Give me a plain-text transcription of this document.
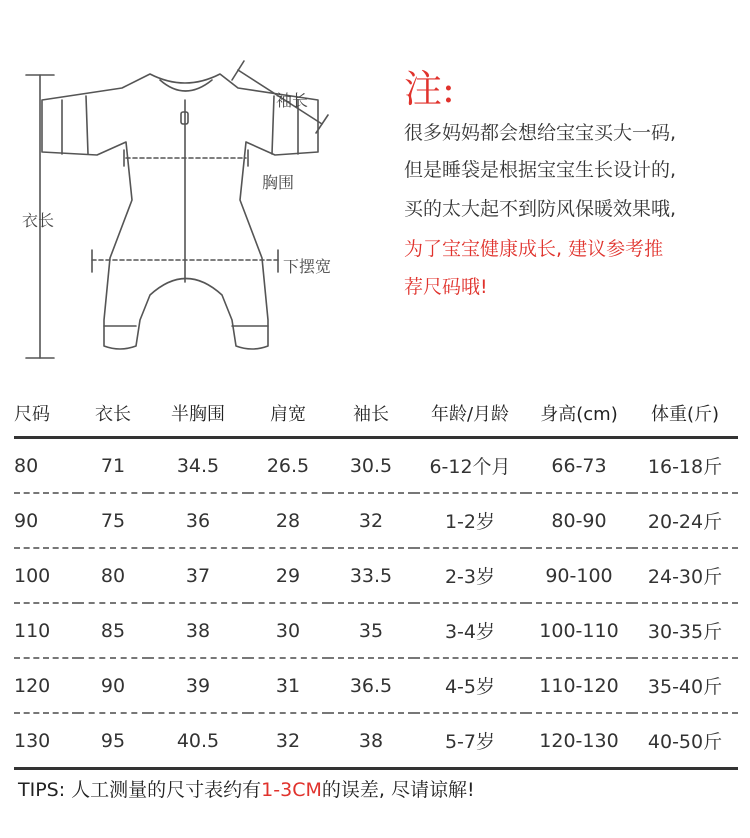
袖长
胸围
衣长
下摆宽
注:
很多妈妈都会想给宝宝买大一码,
但是睡袋是根据宝宝生长设计的,
买的太大起不到防风保暖效果哦,
为了宝宝健康成长, 建议参考推
荐尺码哦!
尺码	衣长	半胸围	肩宽	袖长	年龄/月龄	身高(cm)	体重(斤)
80	71	34.5	26.5	30.5	6-12个月	66-73	16-18斤
90	75	36	28	32	1-2岁	80-90	20-24斤
100	80	37	29	33.5	2-3岁	90-100	24-30斤
110	85	38	30	35	3-4岁	100-110	30-35斤
120	90	39	31	36.5	4-5岁	110-120	35-40斤
130	95	40.5	32	38	5-7岁	120-130	40-50斤
TIPS: 人工测量的尺寸表约有1-3CM的误差, 尽请谅解!
